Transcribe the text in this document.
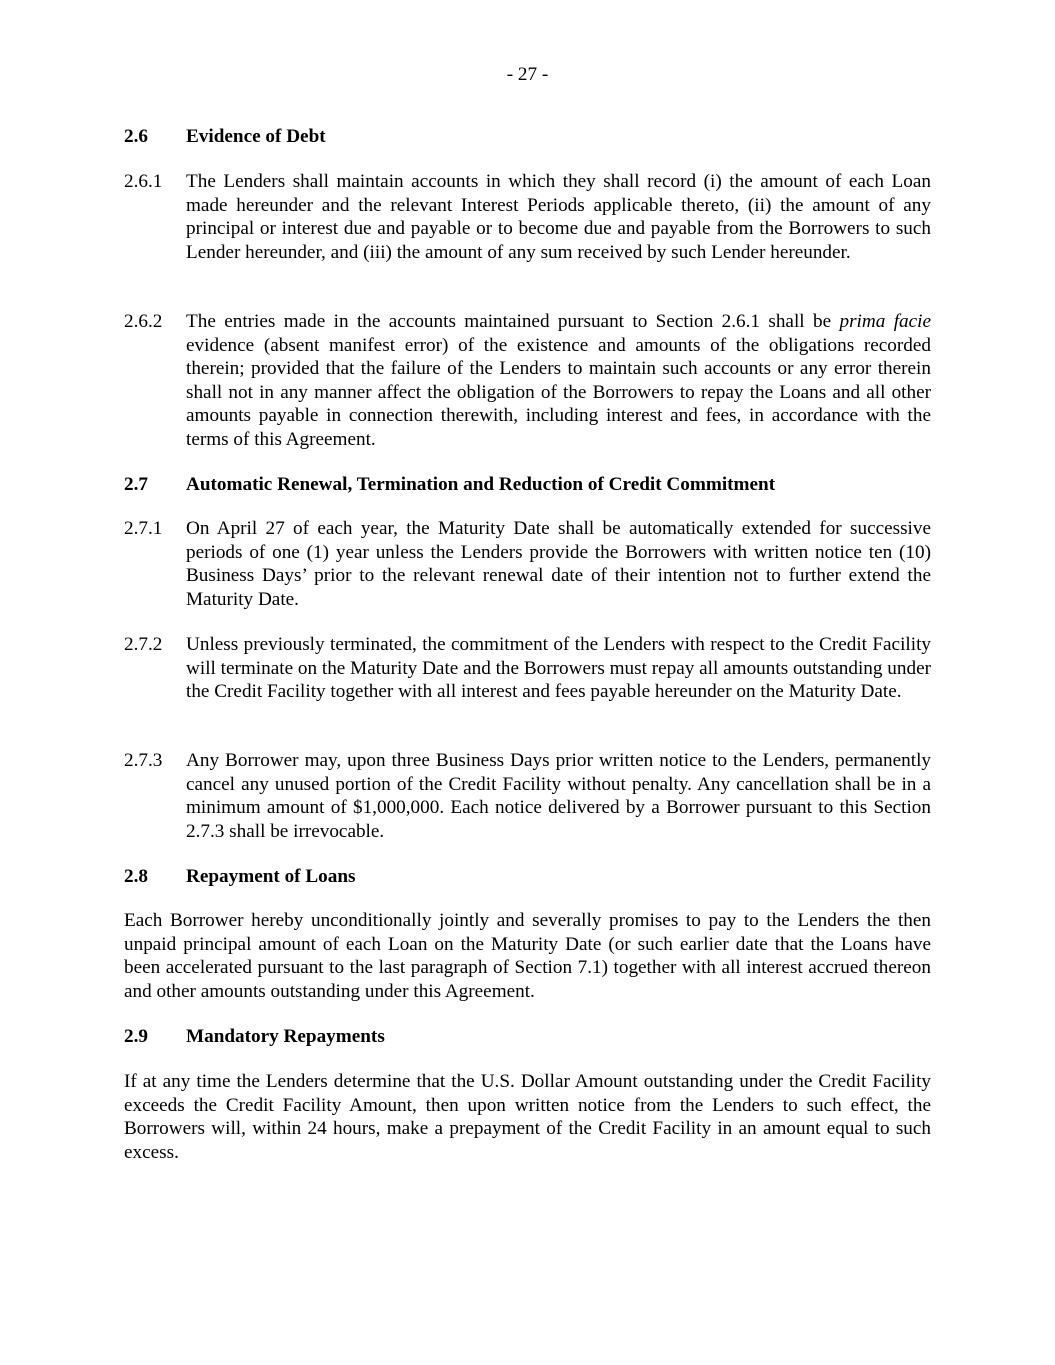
- 27 -
2.6 Evidence of Debt
2.6.1 The Lenders shall maintain accounts in which they shall record (i) the amount of each Loan made hereunder and the relevant Interest Periods applicable thereto, (ii) the amount of any principal or interest due and payable or to become due and payable from the Borrowers to such Lender hereunder, and (iii) the amount of any sum received by such Lender hereunder.
2.6.2 The entries made in the accounts maintained pursuant to Section 2.6.1 shall be prima facie evidence (absent manifest error) of the existence and amounts of the obligations recorded therein; provided that the failure of the Lenders to maintain such accounts or any error therein shall not in any manner affect the obligation of the Borrowers to repay the Loans and all other amounts payable in connection therewith, including interest and fees, in accordance with the terms of this Agreement.
2.7 Automatic Renewal, Termination and Reduction of Credit Commitment
2.7.1 On April 27 of each year, the Maturity Date shall be automatically extended for successive periods of one (1) year unless the Lenders provide the Borrowers with written notice ten (10) Business Days’ prior to the relevant renewal date of their intention not to further extend the Maturity Date.
2.7.2 Unless previously terminated, the commitment of the Lenders with respect to the Credit Facility will terminate on the Maturity Date and the Borrowers must repay all amounts outstanding under the Credit Facility together with all interest and fees payable hereunder on the Maturity Date.
2.7.3 Any Borrower may, upon three Business Days prior written notice to the Lenders, permanently cancel any unused portion of the Credit Facility without penalty. Any cancellation shall be in a minimum amount of $1,000,000. Each notice delivered by a Borrower pursuant to this Section 2.7.3 shall be irrevocable.
2.8 Repayment of Loans
Each Borrower hereby unconditionally jointly and severally promises to pay to the Lenders the then unpaid principal amount of each Loan on the Maturity Date (or such earlier date that the Loans have been accelerated pursuant to the last paragraph of Section 7.1) together with all interest accrued thereon and other amounts outstanding under this Agreement.
2.9 Mandatory Repayments
If at any time the Lenders determine that the U.S. Dollar Amount outstanding under the Credit Facility exceeds the Credit Facility Amount, then upon written notice from the Lenders to such effect, the Borrowers will, within 24 hours, make a prepayment of the Credit Facility in an amount equal to such excess.
